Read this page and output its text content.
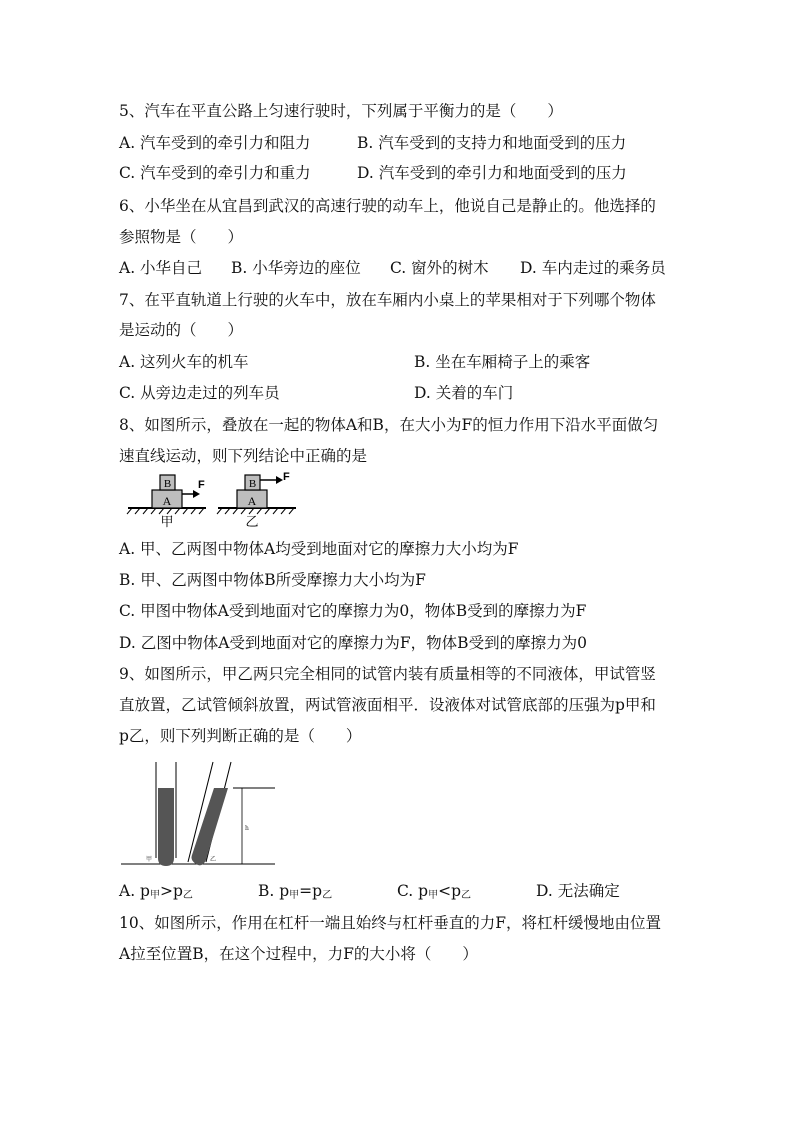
5、汽车在平直公路上匀速行驶时，下列属于平衡力的是（　　）
A. 汽车受到的牵引力和阻力	B. 汽车受到的支持力和地面受到的压力
C. 汽车受到的牵引力和重力	D. 汽车受到的牵引力和地面受到的压力
6、小华坐在从宜昌到武汉的高速行驶的动车上，他说自己是静止的。他选择的
参照物是（　　）
A. 小华自己 B. 小华旁边的座位 C. 窗外的树木 D. 车内走过的乘务员
7、在平直轨道上行驶的火车中，放在车厢内小桌上的苹果相对于下列哪个物体
是运动的（　　）
A. 这列火车的机车	B. 坐在车厢椅子上的乘客
C. 从旁边走过的列车员	D. 关着的车门
8、如图所示，叠放在一起的物体A和B，在大小为F的恒力作用下沿水平面做匀
速直线运动，则下列结论中正确的是
A
B F
甲
A
B
F
乙
A. 甲、乙两图中物体A均受到地面对它的摩擦力大小均为F
B. 甲、乙两图中物体B所受摩擦力大小均为F
C. 甲图中物体A受到地面对它的摩擦力为0，物体B受到的摩擦力为F
D. 乙图中物体A受到地面对它的摩擦力为F，物体B受到的摩擦力为0
9、如图所示，甲乙两只完全相同的试管内装有质量相等的不同液体，甲试管竖
直放置，乙试管倾斜放置，两试管液面相平．设液体对试管底部的压强为p甲和
p乙，则下列判断正确的是（　　）
h
甲	乙
A. $p_甲>p_乙$	B. $p_甲=p_乙$	C. $p_甲<p_乙$	D. 无法确定
10、如图所示，作用在杠杆一端且始终与杠杆垂直的力F，将杠杆缓慢地由位置
A拉至位置B，在这个过程中，力F的大小将（　　）
